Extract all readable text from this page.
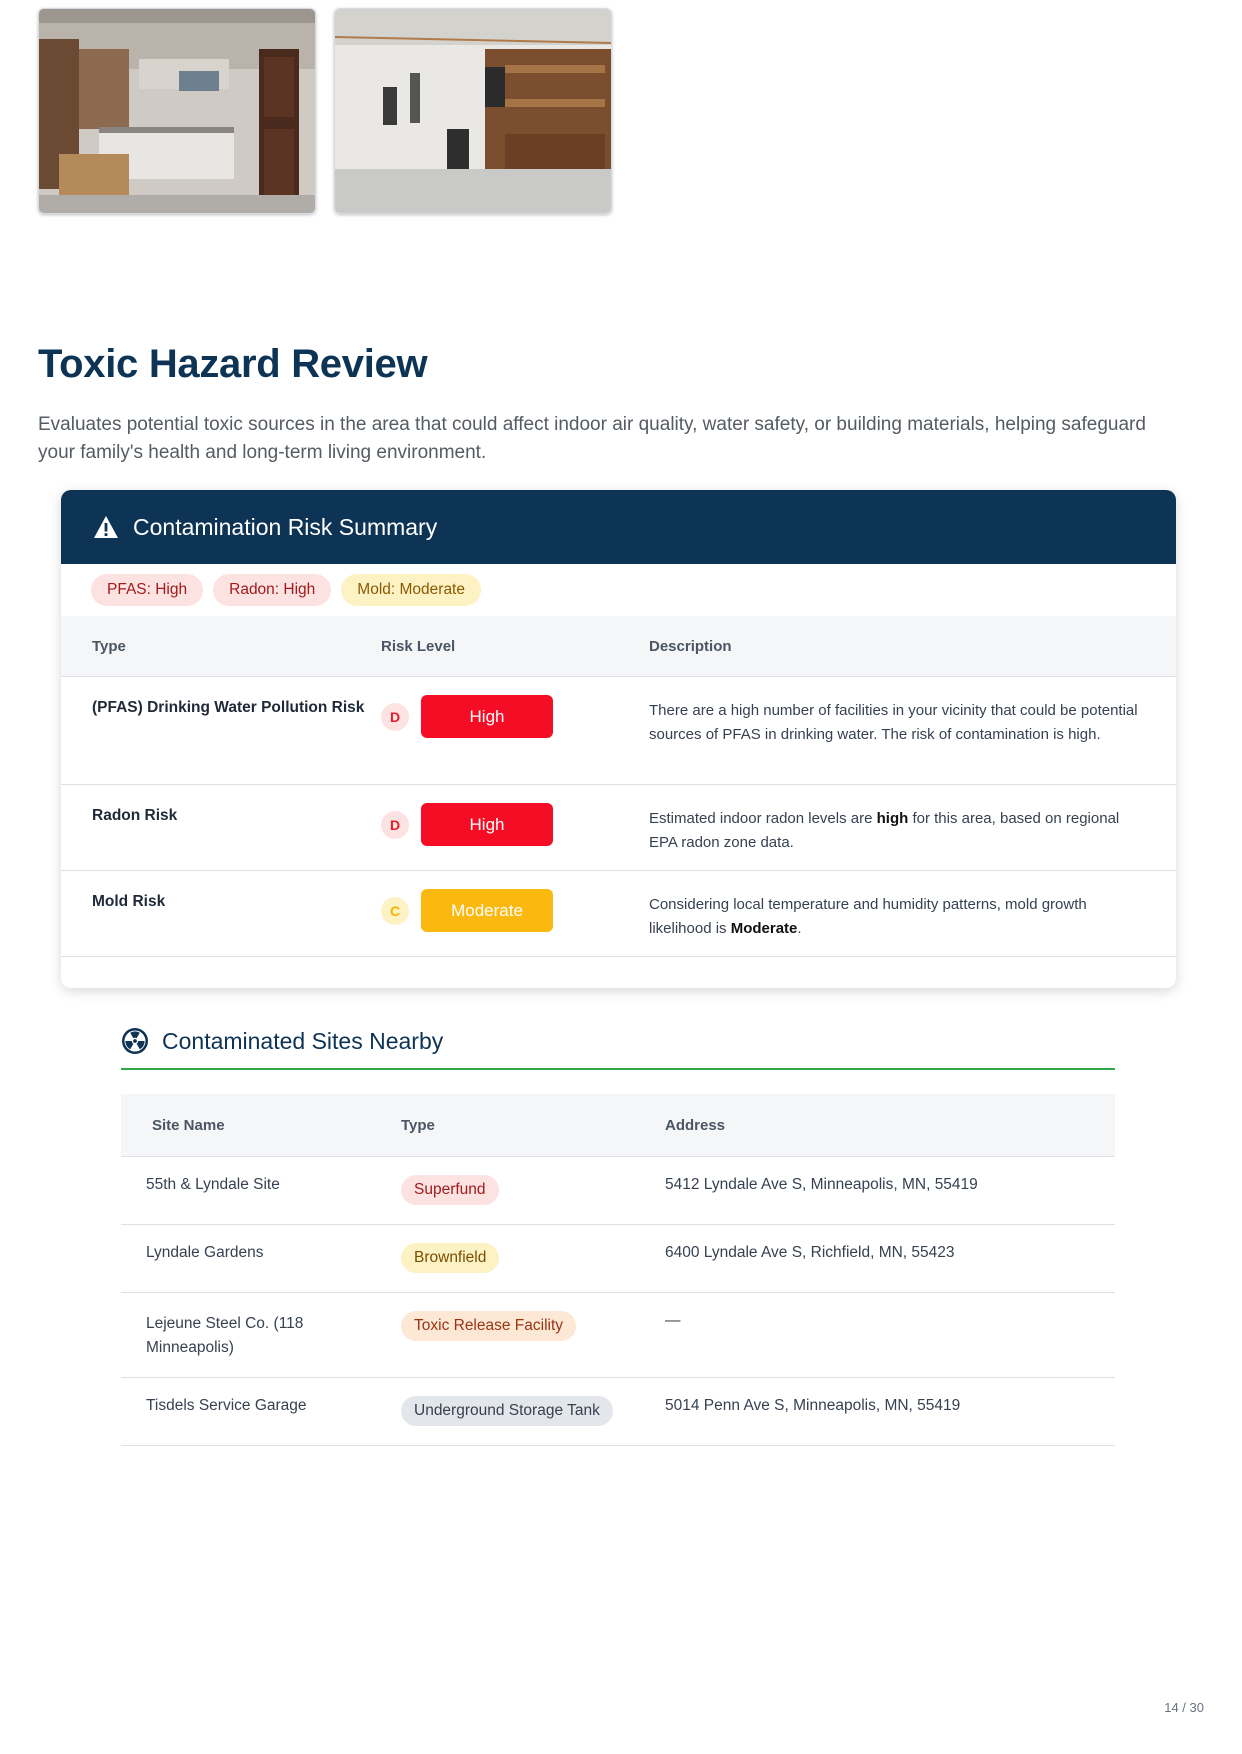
Toxic Hazard Review

Evaluates potential toxic sources in the area that could affect indoor air quality, water safety, or building materials, helping safeguard your family's health and long-term living environment.

Contamination Risk Summary
PFAS: High	Radon: High	Mold: Moderate
Type	Risk Level	Description

(PFAS) Drinking Water Pollution Risk	D High	There are a high number of facilities in your vicinity that could be potential sources of PFAS in drinking water. The risk of contamination is high.

Radon Risk	D High	Estimated indoor radon levels are high for this area, based on regional EPA radon zone data.

Mold Risk	C Moderate	Considering local temperature and humidity patterns, mold growth likelihood is Moderate.
Contaminated Sites Nearby
Site Name	Type	Address
55th & Lyndale Site	Superfund	5412 Lyndale Ave S, Minneapolis, MN, 55419
Lyndale Gardens	Brownfield	6400 Lyndale Ave S, Richfield, MN, 55423
Lejeune Steel Co. (118 Minneapolis)	Toxic Release Facility	—
Tisdels Service Garage	Underground Storage Tank	5014 Penn Ave S, Minneapolis, MN, 55419
14 / 30
